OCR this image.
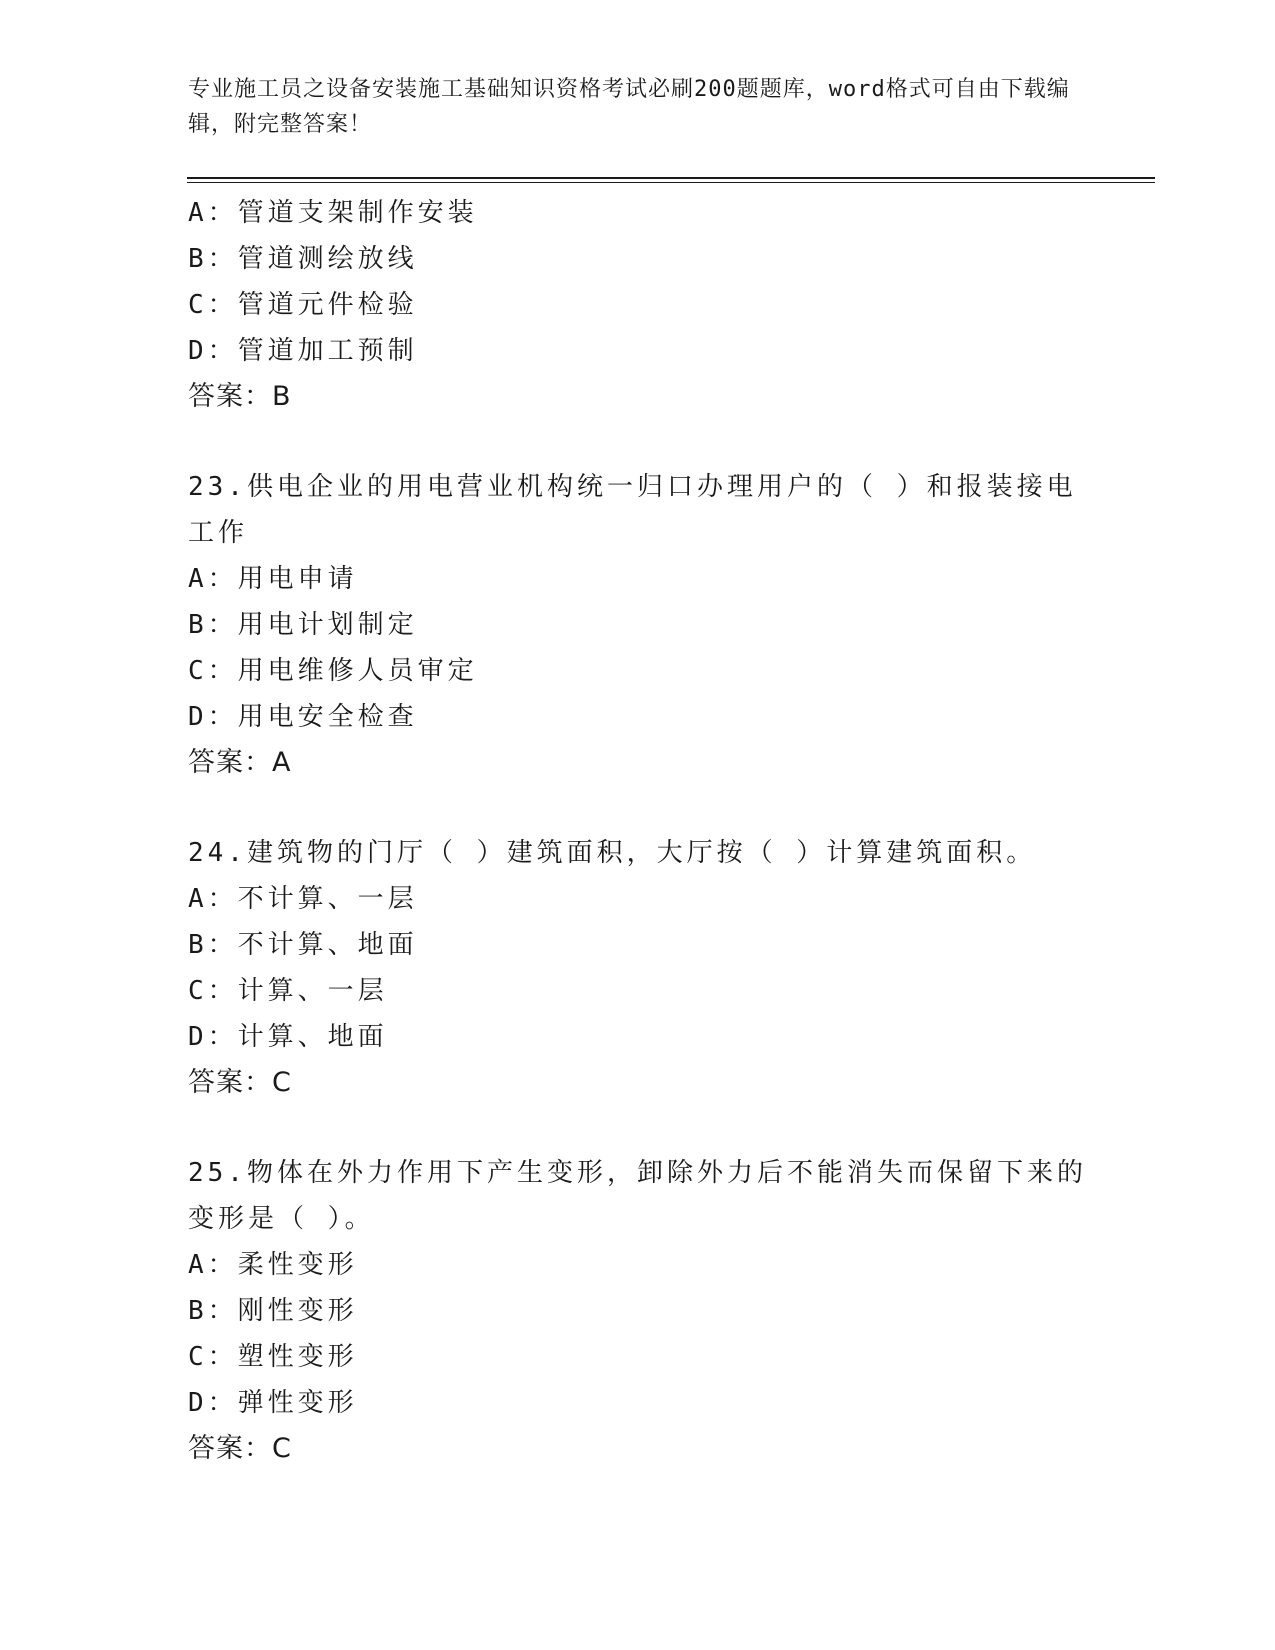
专业施工员之设备安装施工基础知识资格考试必刷200题题库，word格式可自由下载编辑，附完整答案！
A：管道支架制作安装
B：管道测绘放线
C：管道元件检验
D：管道加工预制
答案：B
23.供电企业的用电营业机构统一归口办理用户的（ ）和报装接电工作
A：用电申请
B：用电计划制定
C：用电维修人员审定
D：用电安全检查
答案：A
24.建筑物的门厅（ ）建筑面积，大厅按（ ）计算建筑面积。
A：不计算、一层
B：不计算、地面
C：计算、一层
D：计算、地面
答案：C
25.物体在外力作用下产生变形，卸除外力后不能消失而保留下来的变形是（ ）。
A：柔性变形
B：刚性变形
C：塑性变形
D：弹性变形
答案：C
